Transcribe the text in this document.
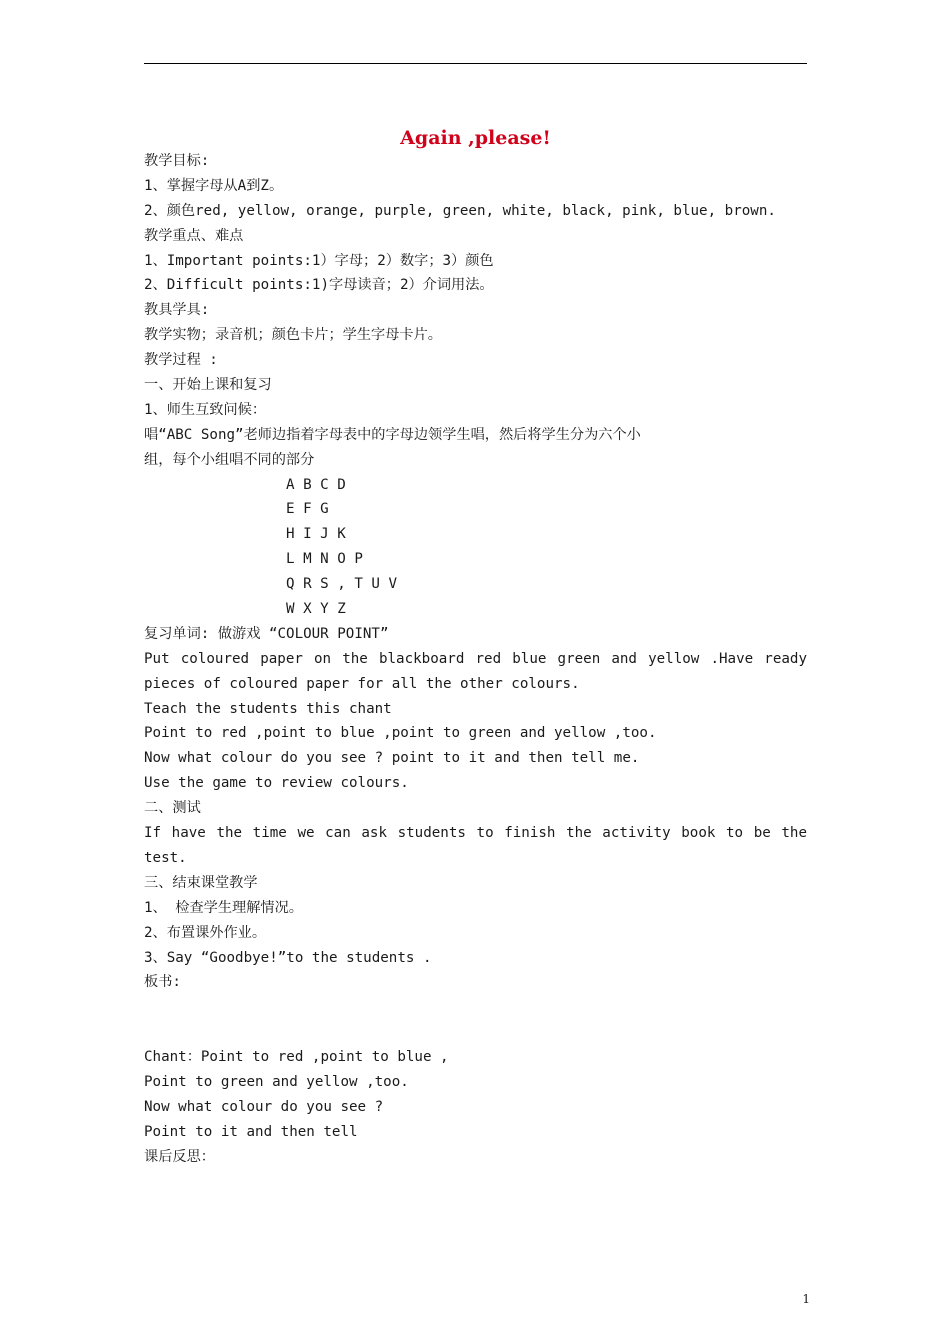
Again ,please!
教学目标:
1、掌握字母从A到Z。
2、颜色red, yellow, orange, purple, green, white, black, pink, blue, brown.
教学重点、难点
1、Important points:1）字母；2）数字；3）颜色
2、Difficult points:1)字母读音；2）介词用法。
教具学具:
教学实物；录音机；颜色卡片；学生字母卡片。
教学过程 :
一、开始上课和复习
1、师生互致问候：
唱“ABC Song”老师边指着字母表中的字母边领学生唱，然后将学生分为六个小
组，每个小组唱不同的部分
A B C D
E F G
H I J K
L M N O P
Q R S , T U V
W X Y Z
复习单词: 做游戏 “COLOUR POINT”
Put coloured paper on the blackboard red blue green and yellow .Have ready
pieces of coloured paper for all the other colours.
Teach the students this chant
Point to red ,point to blue ,point to green and yellow ,too.
Now what colour do you see ? point to it and then tell me.
Use the game to review colours.
二、测试
If have the time we can ask students to finish the activity book to be the
test.
三、结束课堂教学
1、 检查学生理解情况。
2、布置课外作业。
3、Say “Goodbye!”to the students .
板书:

Chant：Point to red ,point to blue ,
Point to green and yellow ,too.
Now what colour do you see ?
Point to it and then tell
课后反思：
1
